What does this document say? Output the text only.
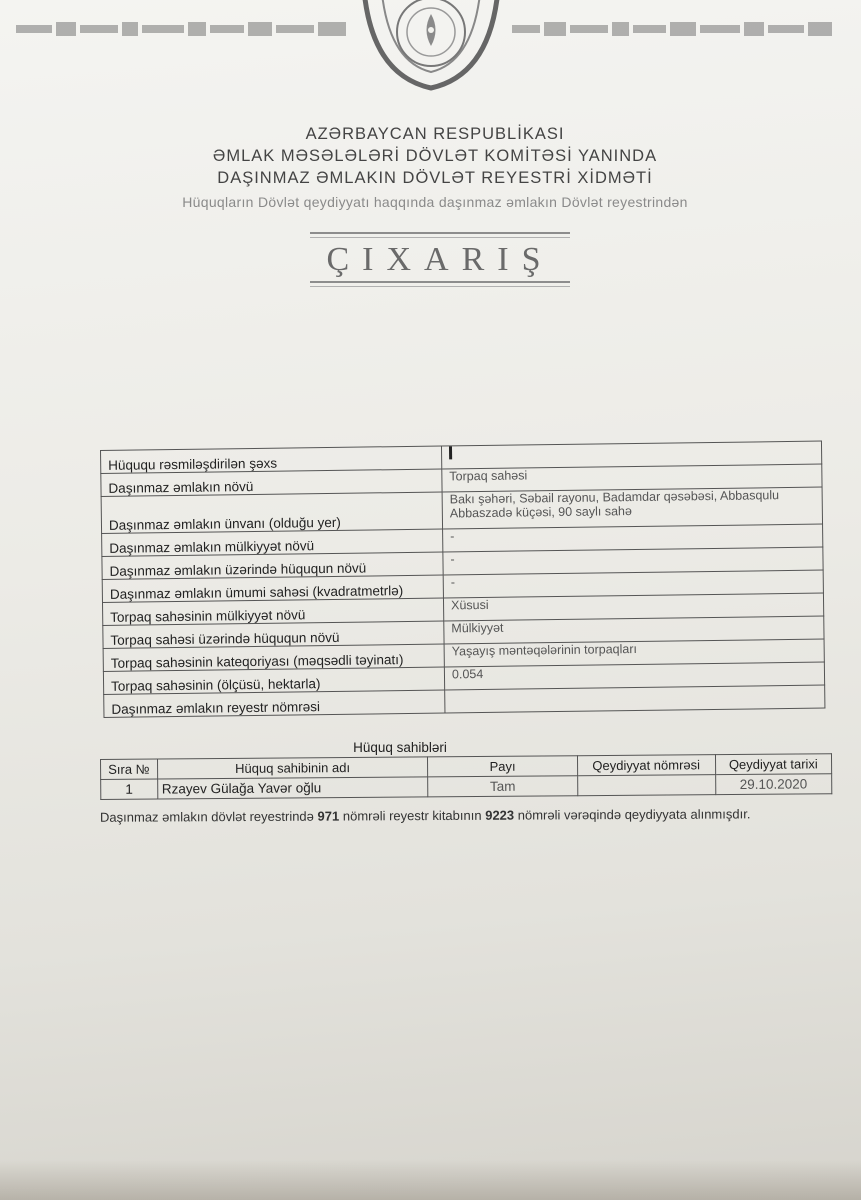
AZƏRBAYCAN RESPUBLİKASI
ƏMLAK MƏSƏLƏLƏRİ DÖVLƏT KOMİTƏSİ YANINDA
DAŞINMAZ ƏMLAKIN DÖVLƏT REYESTRİ XİDMƏTİ
Hüquqların Dövlət qeydiyyatı haqqında daşınmaz əmlakın Dövlət reyestrindən
ÇIXARIŞ
Hüququ rəsmiləşdirilən şəxs	
Daşınmaz əmlakın növü	Torpaq sahəsi
Daşınmaz əmlakın ünvanı (olduğu yer)	Bakı şəhəri, Səbail rayonu, Badamdar qəsəbəsi, Abbasqulu Abbaszadə küçəsi, 90 saylı sahə
Daşınmaz əmlakın mülkiyyət növü	-
Daşınmaz əmlakın üzərində hüququn növü	-
Daşınmaz əmlakın ümumi sahəsi (kvadratmetrlə)	-
Torpaq sahəsinin mülkiyyət növü	Xüsusi
Torpaq sahəsi üzərində hüququn növü	Mülkiyyət
Torpaq sahəsinin kateqoriyası (məqsədli təyinatı)	Yaşayış məntəqələrinin torpaqları
Torpaq sahəsinin (ölçüsü, hektarla)	0.054
Daşınmaz əmlakın reyestr nömrəsi	
Hüquq sahibləri
Sıra №	Hüquq sahibinin adı	Payı	Qeydiyyat nömrəsi	Qeydiyyat tarixi
1	Rzayev Gülağa Yavər oğlu	Tam		29.10.2020
Daşınmaz əmlakın dövlət reyestrində 971 nömrəli reyestr kitabının 9223 nömrəli vərəqində qeydiyyata alınmışdır.
